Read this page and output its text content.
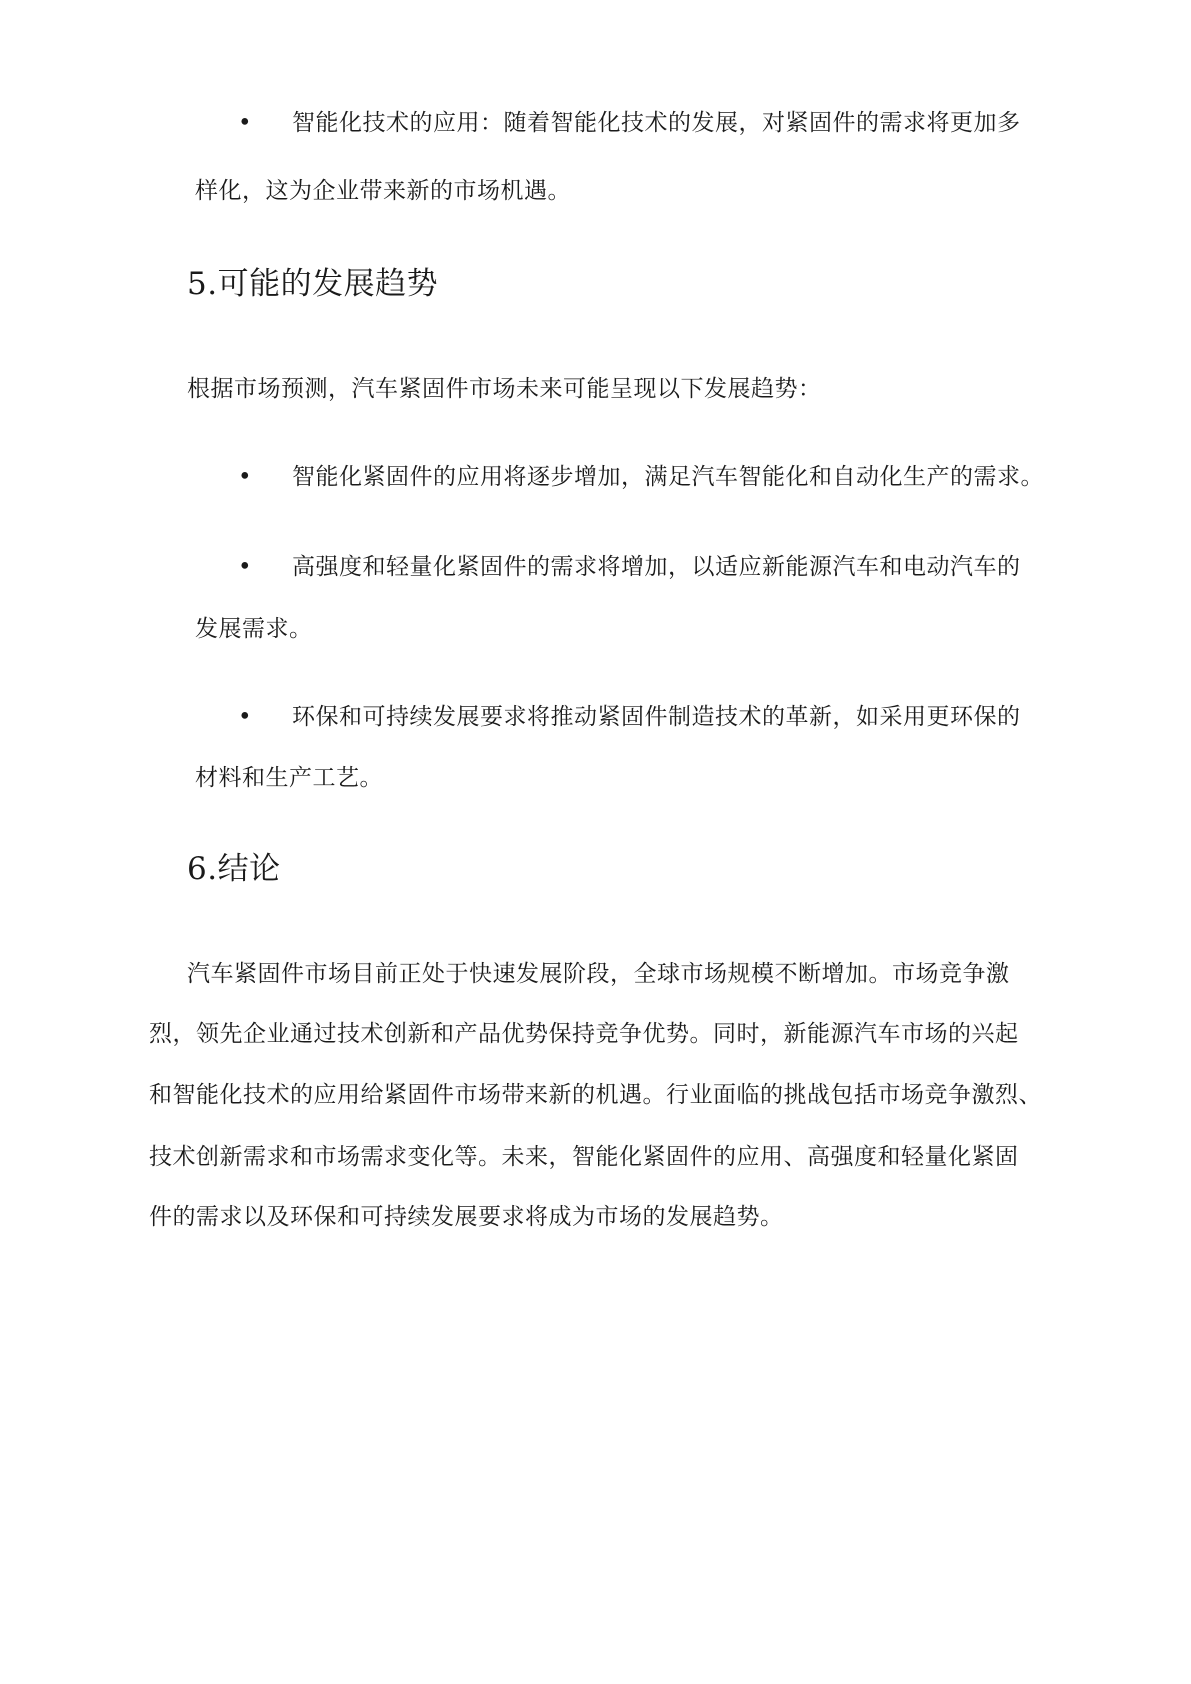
• 智能化技术的应用：随着智能化技术的发展，对紧固件的需求将更加多
样化，这为企业带来新的市场机遇。
5.可能的发展趋势
根据市场预测，汽车紧固件市场未来可能呈现以下发展趋势：
• 智能化紧固件的应用将逐步增加，满足汽车智能化和自动化生产的需求。
• 高强度和轻量化紧固件的需求将增加，以适应新能源汽车和电动汽车的
发展需求。
• 环保和可持续发展要求将推动紧固件制造技术的革新，如采用更环保的
材料和生产工艺。
6.结论
汽车紧固件市场目前正处于快速发展阶段，全球市场规模不断增加。市场竞争激
烈，领先企业通过技术创新和产品优势保持竞争优势。同时，新能源汽车市场的兴起
和智能化技术的应用给紧固件市场带来新的机遇。行业面临的挑战包括市场竞争激烈、
技术创新需求和市场需求变化等。未来，智能化紧固件的应用、高强度和轻量化紧固
件的需求以及环保和可持续发展要求将成为市场的发展趋势。
